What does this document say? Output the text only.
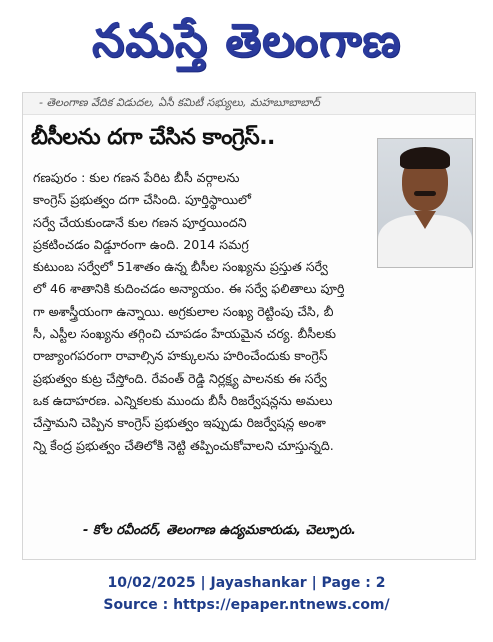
నమస్తే తెలంగాణ
- తెలంగాణ వేదిక విడుదల, ఏసీ కమిటీ సభ్యులు, మహబూబాబాద్
బీసీలను దగా చేసిన కాంగ్రెస్..
గణపురం : కుల గణన పేరిట బీసీ వర్గాలను
కాంగ్రెస్ ప్రభుత్వం దగా చేసింది. పూర్తిస్థాయిలో
సర్వే చేయకుండానే కుల గణన పూర్తయిందని
ప్రకటించడం విడ్డూరంగా ఉంది. 2014 సమగ్ర
కుటుంబ సర్వేలో 51శాతం ఉన్న బీసీల సంఖ్యను ప్రస్తుత సర్వే
లో 46 శాతానికి కుదించడం అన్యాయం. ఈ సర్వే ఫలితాలు పూర్తి
గా అశాస్త్రీయంగా ఉన్నాయి. అగ్రకులాల సంఖ్య రెట్టింపు చేసి, బీ
సీ, ఎస్టీల సంఖ్యను తగ్గించి చూపడం హేయమైన చర్య. బీసీలకు
రాజ్యాంగపరంగా రావాల్సిన హక్కులను హరించేందుకు కాంగ్రెస్
ప్రభుత్వం కుట్ర చేస్తోంది. రేవంత్ రెడ్డి నిర్లక్ష్య పాలనకు ఈ సర్వే
ఒక ఉదాహరణ. ఎన్నికలకు ముందు బీసీ రిజర్వేషన్లను అమలు
చేస్తామని చెప్పిన కాంగ్రెస్ ప్రభుత్వం ఇప్పుడు రిజర్వేషన్ల అంశా
న్ని కేంద్ర ప్రభుత్వం చేతిలోకి నెట్టి తప్పించుకోవాలని చూస్తున్నది.
- కోల రవీందర్, తెలంగాణ ఉద్యమకారుడు, చెల్పూరు.
10/02/2025 | Jayashankar | Page : 2
Source : https://epaper.ntnews.com/
